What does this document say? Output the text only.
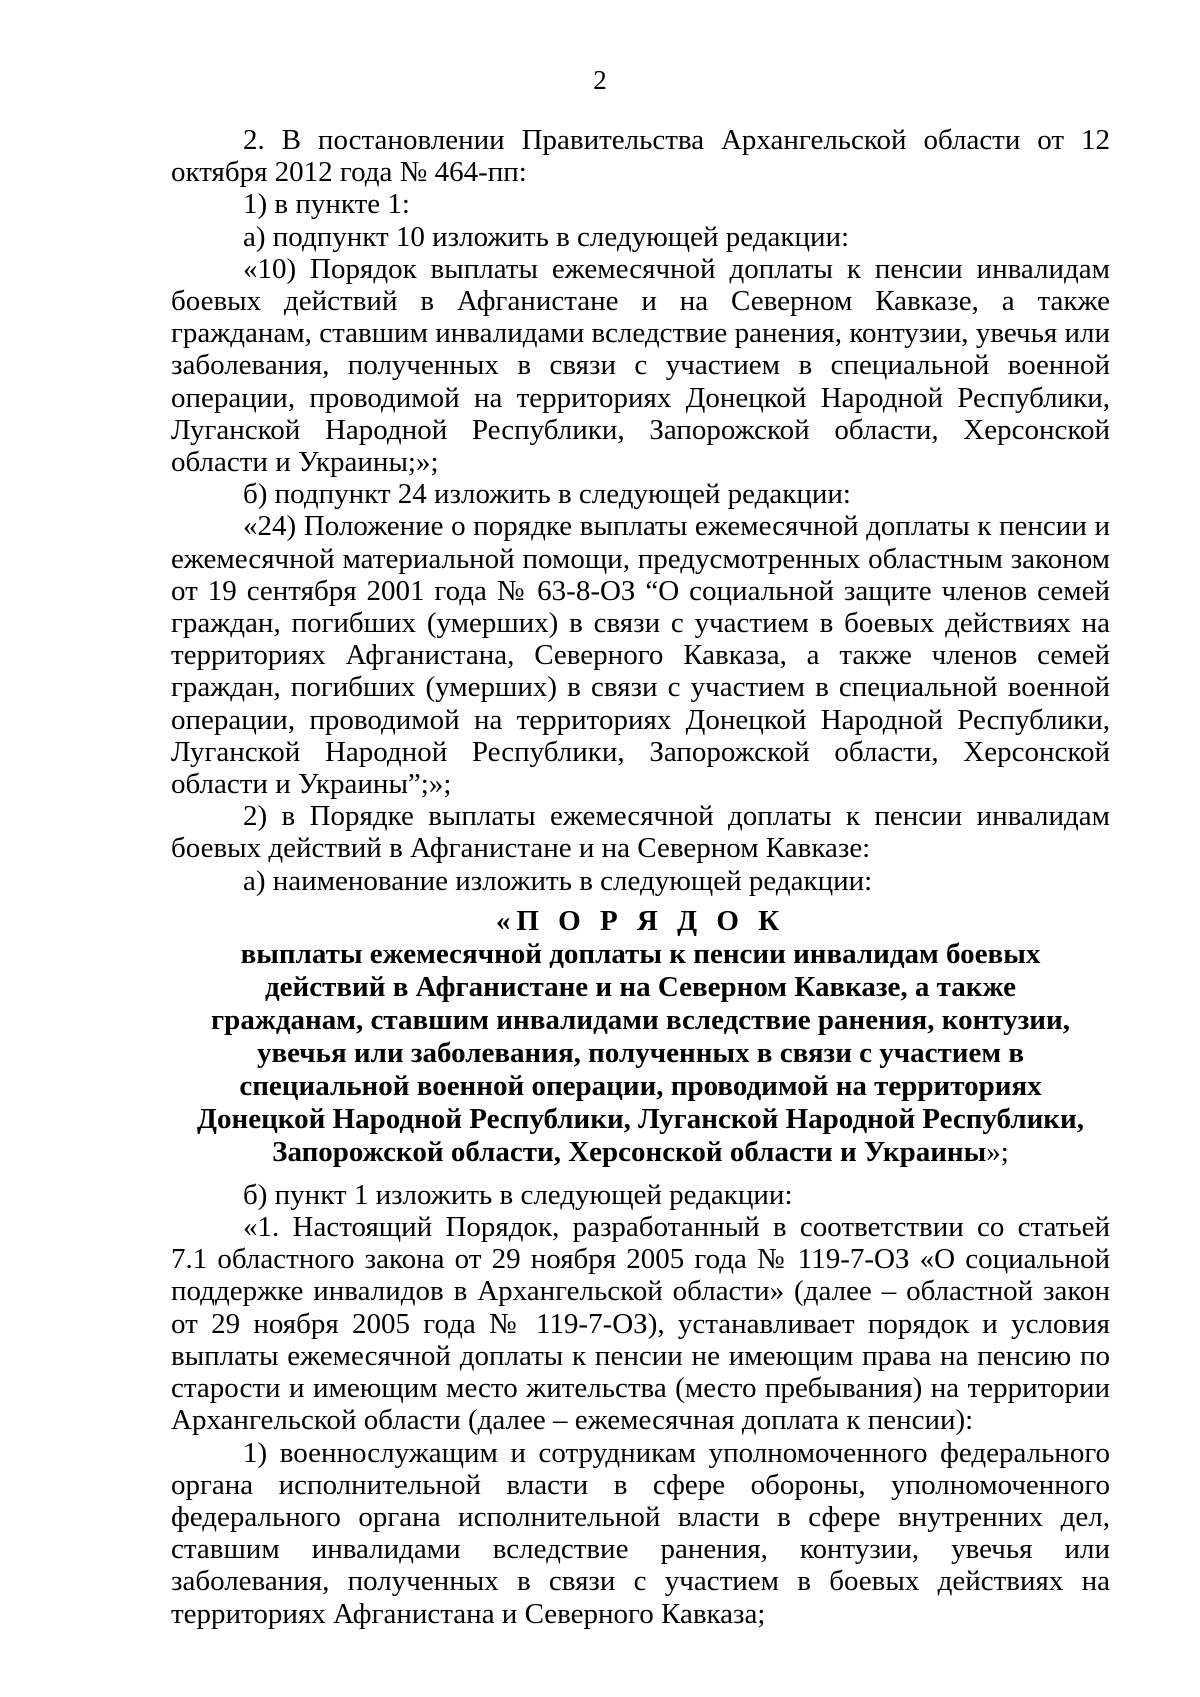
2

2. В постановлении Правительства Архангельской области от 12 октября 2012 года № 464-пп:

1) в пункте 1:

а) подпункт 10 изложить в следующей редакции:

«10) Порядок выплаты ежемесячной доплаты к пенсии инвалидам боевых действий в Афганистане и на Северном Кавказе, а также гражданам, ставшим инвалидами вследствие ранения, контузии, увечья или заболевания, полученных в связи с участием в специальной военной операции, проводимой на территориях Донецкой Народной Республики, Луганской Народной Республики, Запорожской области, Херсонской области и Украины;»;

б) подпункт 24 изложить в следующей редакции:

«24) Положение о порядке выплаты ежемесячной доплаты к пенсии и ежемесячной материальной помощи, предусмотренных областным законом от 19 сентября 2001 года № 63-8-ОЗ “О социальной защите членов семей граждан, погибших (умерших) в связи с участием в боевых действиях на территориях Афганистана, Северного Кавказа, а также членов семей граждан, погибших (умерших) в связи с участием в специальной военной операции, проводимой на территориях Донецкой Народной Республики, Луганской Народной Республики, Запорожской области, Херсонской области и Украины”;»;

2) в Порядке выплаты ежемесячной доплаты к пенсии инвалидам боевых действий в Афганистане и на Северном Кавказе:

а) наименование изложить в следующей редакции:

«П О Р Я Д О К
выплаты ежемесячной доплаты к пенсии инвалидам боевых действий в Афганистане и на Северном Кавказе, а также гражданам, ставшим инвалидами вследствие ранения, контузии, увечья или заболевания, полученных в связи с участием в специальной военной операции, проводимой на территориях Донецкой Народной Республики, Луганской Народной Республики, Запорожской области, Херсонской области и Украины»;

б) пункт 1 изложить в следующей редакции:

«1. Настоящий Порядок, разработанный в соответствии со статьей 7.1 областного закона от 29 ноября 2005 года № 119-7-ОЗ «О социальной поддержке инвалидов в Архангельской области» (далее – областной закон от 29 ноября 2005 года № 119-7-ОЗ), устанавливает порядок и условия выплаты ежемесячной доплаты к пенсии не имеющим права на пенсию по старости и имеющим место жительства (место пребывания) на территории Архангельской области (далее – ежемесячная доплата к пенсии):

1) военнослужащим и сотрудникам уполномоченного федерального органа исполнительной власти в сфере обороны, уполномоченного федерального органа исполнительной власти в сфере внутренних дел, ставшим инвалидами вследствие ранения, контузии, увечья или заболевания, полученных в связи с участием в боевых действиях на территориях Афганистана и Северного Кавказа;
